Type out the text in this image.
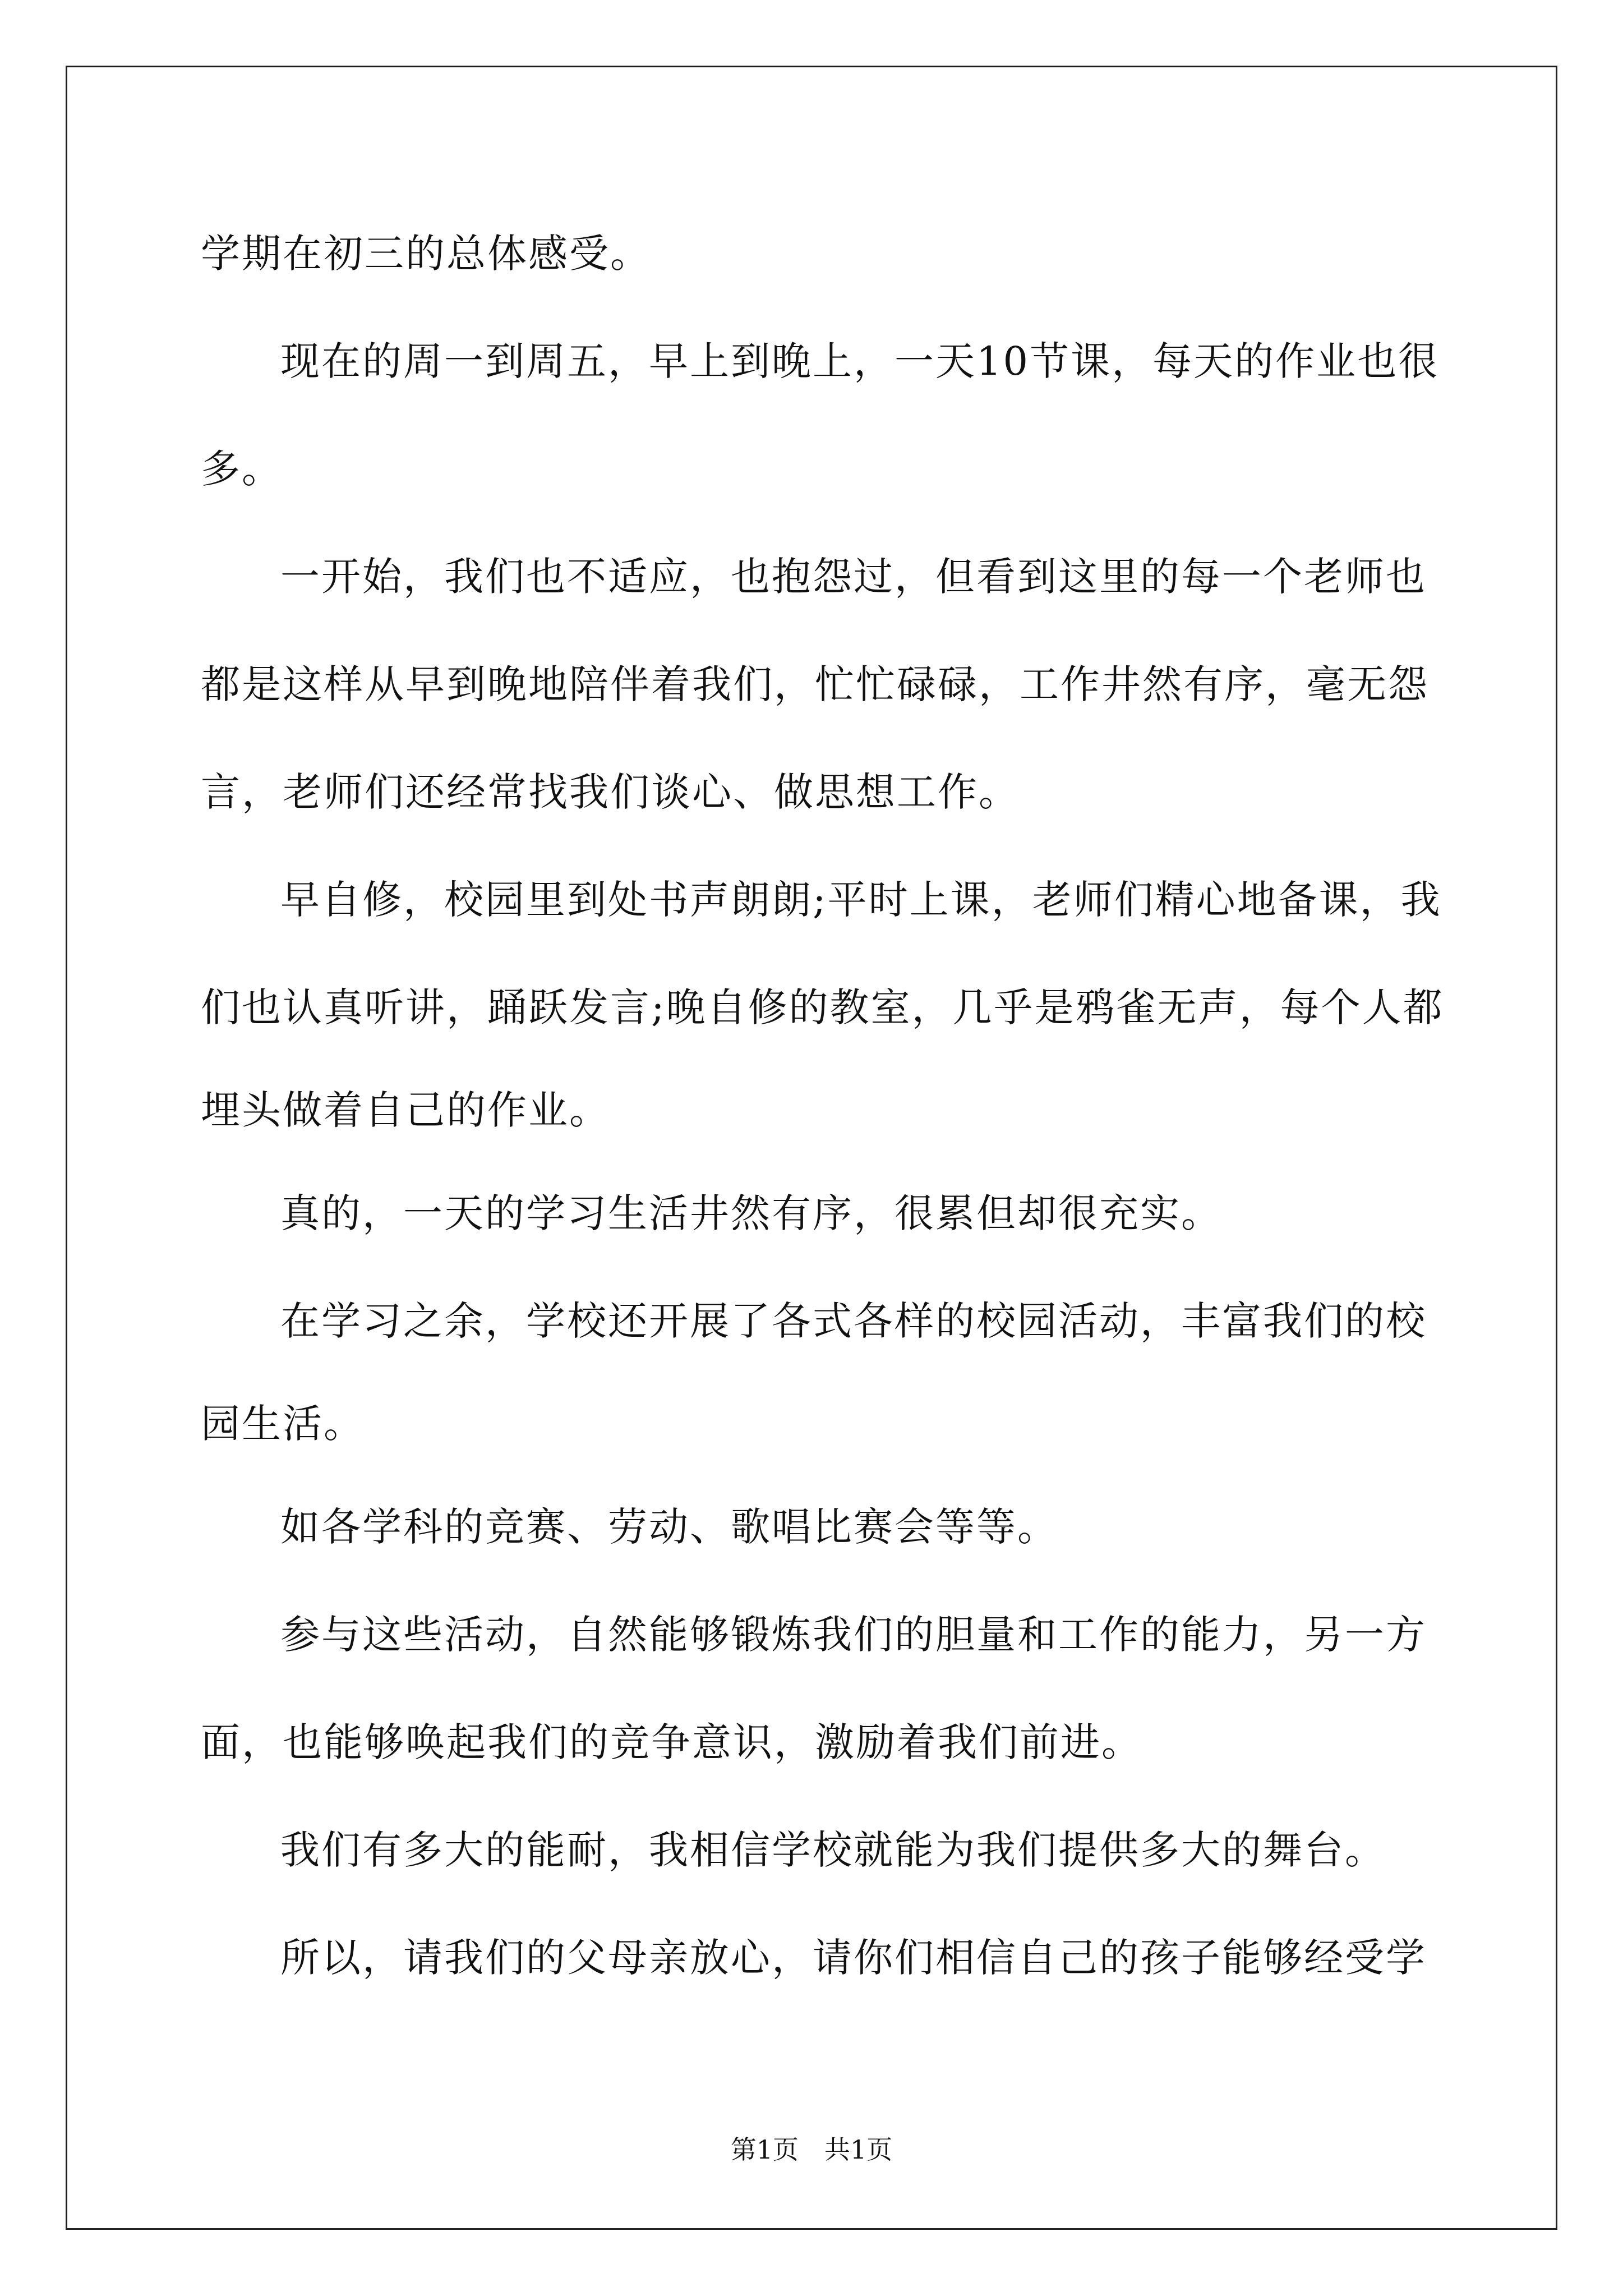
学期在初三的总体感受。
现在的周一到周五，早上到晚上，一天10节课，每天的作业也很
多。
一开始，我们也不适应，也抱怨过，但看到这里的每一个老师也
都是这样从早到晚地陪伴着我们，忙忙碌碌，工作井然有序，毫无怨
言，老师们还经常找我们谈心、做思想工作。
早自修，校园里到处书声朗朗;平时上课，老师们精心地备课，我
们也认真听讲，踊跃发言;晚自修的教室，几乎是鸦雀无声，每个人都
埋头做着自己的作业。
真的，一天的学习生活井然有序，很累但却很充实。
在学习之余，学校还开展了各式各样的校园活动，丰富我们的校
园生活。
如各学科的竞赛、劳动、歌唱比赛会等等。
参与这些活动，自然能够锻炼我们的胆量和工作的能力，另一方
面，也能够唤起我们的竞争意识，激励着我们前进。
我们有多大的能耐，我相信学校就能为我们提供多大的舞台。
所以，请我们的父母亲放心，请你们相信自己的孩子能够经受学
第1页　共1页
